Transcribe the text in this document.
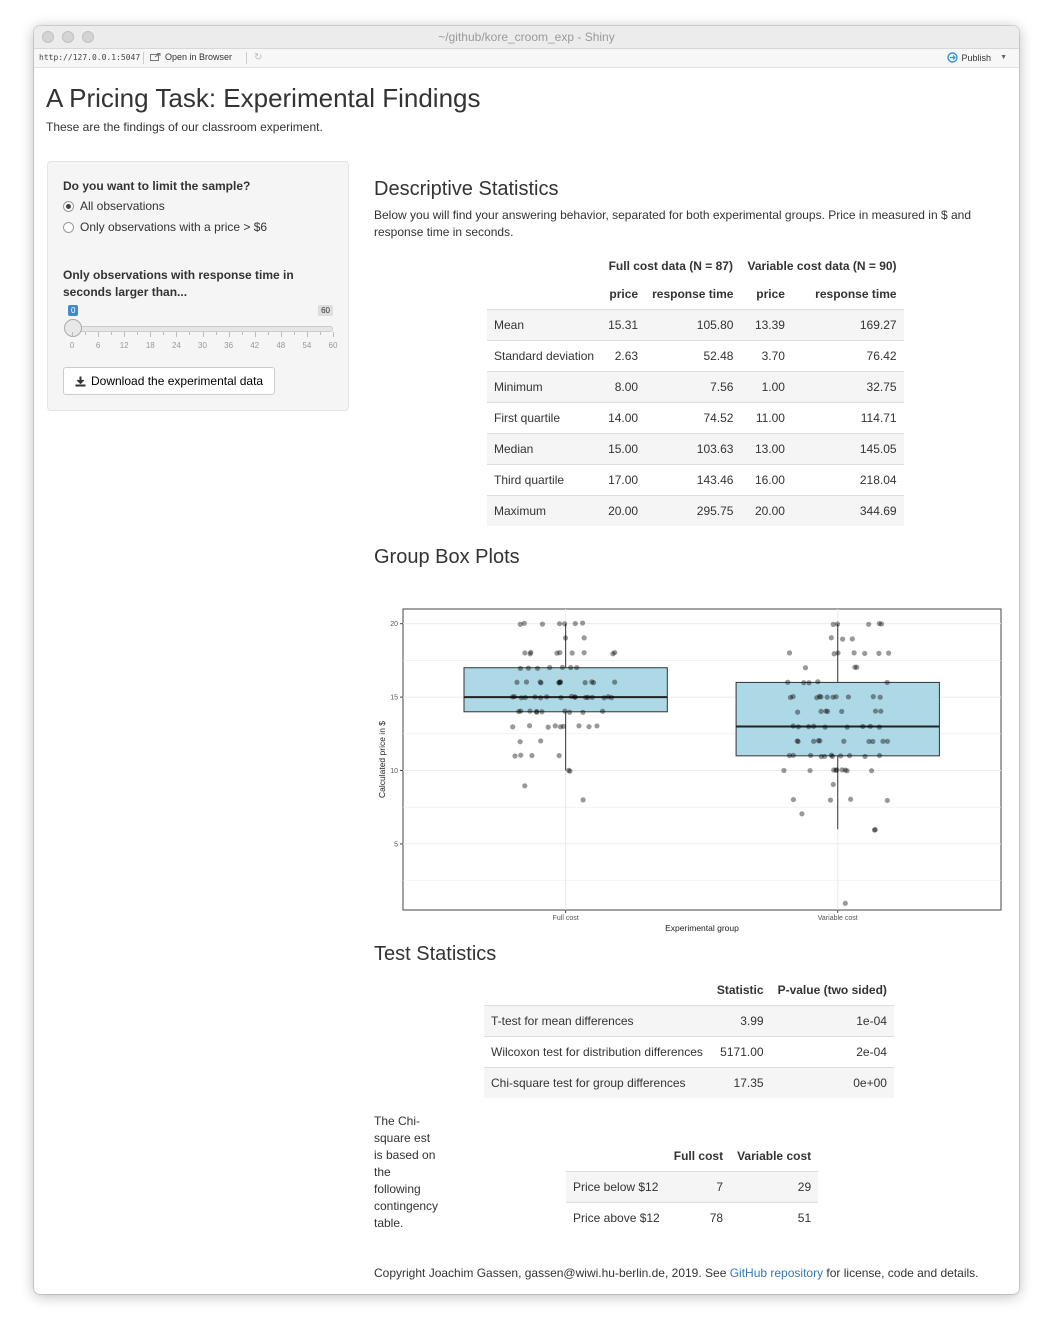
~/github/kore_croom_exp - Shiny
http://127.0.0.1:5047	Open in Browser ↻	Publish ▼
A Pricing Task: Experimental Findings
These are the findings of our classroom experiment.
Do you want to limit the sample?
All observations
Only observations with a price > $6
Only observations with response time in seconds larger than...
0	60
0	6 12 18 24 30 36 42 48 54 60
Download the experimental data
Descriptive Statistics
Below you will find your answering behavior, separated for both experimental groups. Price in measured in $ and response time in seconds.
	Full cost data (N = 87)		Variable cost data (N = 90)	
	price	response time	price	response time
Mean	15.31	105.80	13.39	169.27
Standard deviation	2.63	52.48	3.70	76.42
Minimum	8.00	7.56	1.00	32.75
First quartile	14.00	74.52	11.00	114.71
Median	15.00	103.63	13.00	145.05
Third quartile	17.00	143.46	16.00	218.04
Maximum	20.00	295.75	20.00	344.69
Group Box Plots
5
10
15
20
Full cost	Variable cost
Experimental group
Calculated price in $
Test Statistics
	Statistic	P-value (two sided)
T-test for mean differences	3.99	1e-04
Wilcoxon test for distribution differences	5171.00	2e-04
Chi-square test for group differences	17.35	0e+00
The Chi-square est is based on the following contingency table.
	Full cost	Variable cost
Price below $12	7	29
Price above $12	78	51
Copyright Joachim Gassen, gassen@wiwi.hu-berlin.de, 2019. See GitHub repository for license, code and details.
